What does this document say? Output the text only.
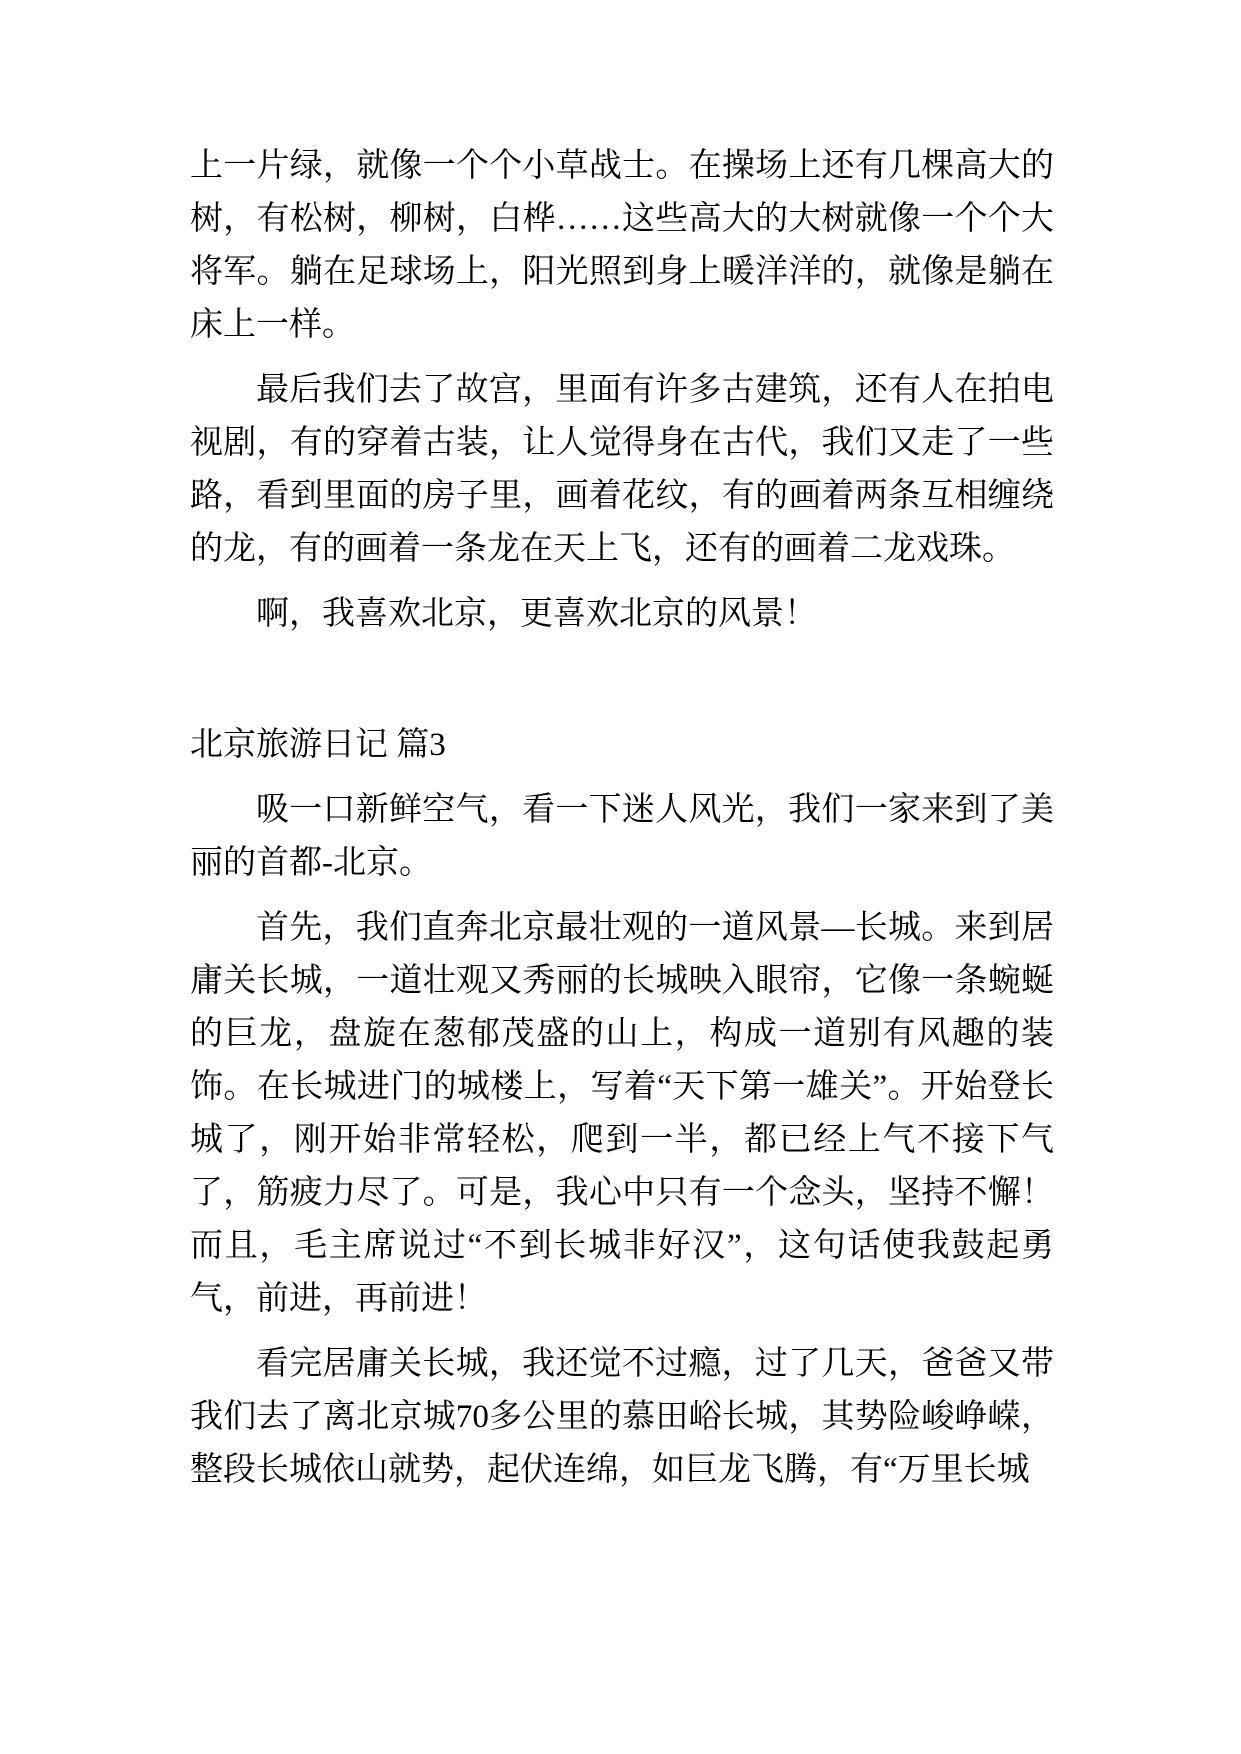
上一片绿，就像一个个小草战士。在操场上还有几棵高大的树，有松树，柳树，白桦……这些高大的大树就像一个个大将军。躺在足球场上，阳光照到身上暖洋洋的，就像是躺在床上一样。

最后我们去了故宫，里面有许多古建筑，还有人在拍电视剧，有的穿着古装，让人觉得身在古代，我们又走了一些路，看到里面的房子里，画着花纹，有的画着两条互相缠绕的龙，有的画着一条龙在天上飞，还有的画着二龙戏珠。

啊，我喜欢北京，更喜欢北京的风景！

北京旅游日记 篇3

吸一口新鲜空气，看一下迷人风光，我们一家来到了美丽的首都-北京。

首先，我们直奔北京最壮观的一道风景—长城。来到居庸关长城，一道壮观又秀丽的长城映入眼帘，它像一条蜿蜒的巨龙，盘旋在葱郁茂盛的山上，构成一道别有风趣的装饰。在长城进门的城楼上，写着“天下第一雄关”。开始登长城了，刚开始非常轻松，爬到一半，都已经上气不接下气了，筋疲力尽了。可是，我心中只有一个念头，坚持不懈！而且，毛主席说过“不到长城非好汉”，这句话使我鼓起勇气，前进，再前进！

看完居庸关长城，我还觉不过瘾，过了几天，爸爸又带我们去了离北京城70多公里的慕田峪长城，其势险峻峥嵘，整段长城依山就势，起伏连绵，如巨龙飞腾，有“万里长城
